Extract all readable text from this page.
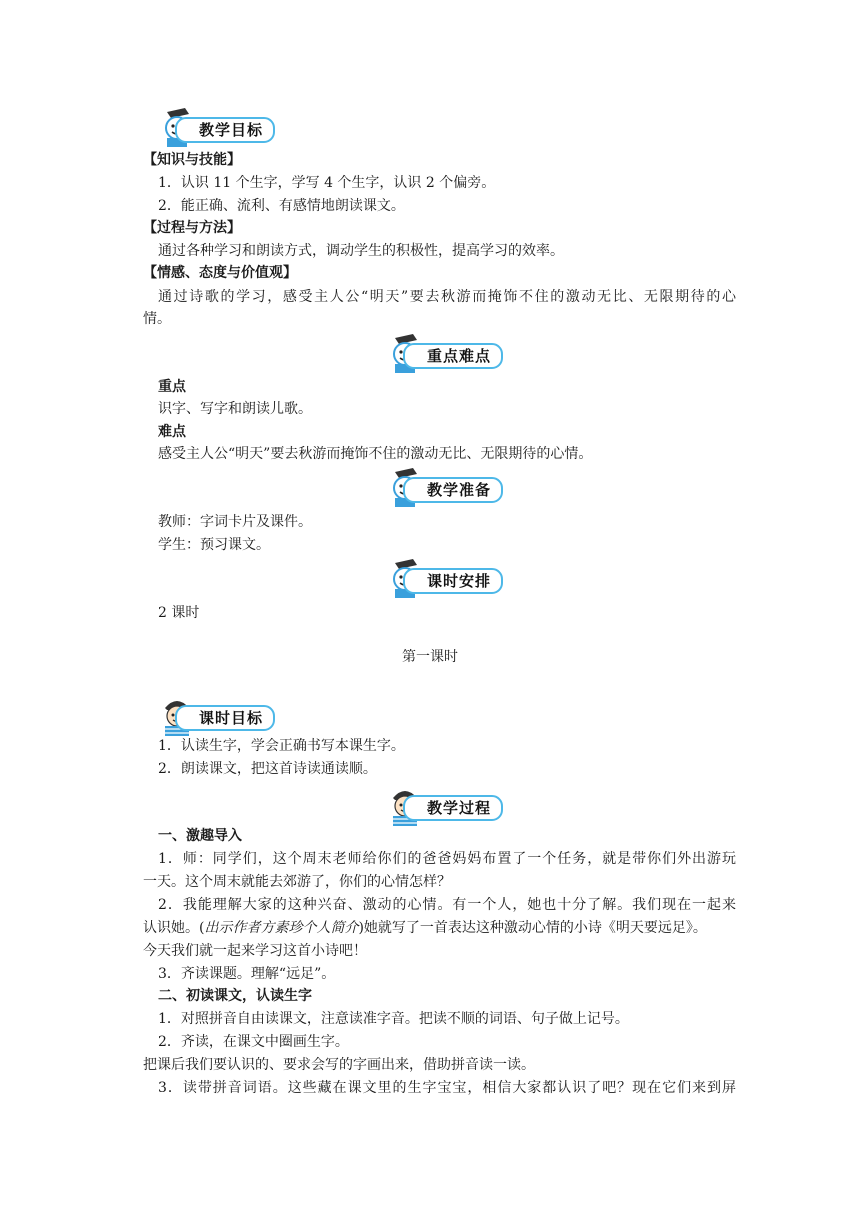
教学目标
【知识与技能】
1．认识 11 个生字，学写 4 个生字，认识 2 个偏旁。
2．能正确、流利、有感情地朗读课文。
【过程与方法】
通过各种学习和朗读方式，调动学生的积极性，提高学习的效率。
【情感、态度与价值观】
通过诗歌的学习，感受主人公“明天”要去秋游而掩饰不住的激动无比、无限期待的心
情。
重点难点
重点
识字、写字和朗读儿歌。
难点
感受主人公“明天”要去秋游而掩饰不住的激动无比、无限期待的心情。
教学准备
教师：字词卡片及课件。
学生：预习课文。
课时安排
2 课时
第一课时
课时目标
1．认读生字，学会正确书写本课生字。
2．朗读课文，把这首诗读通读顺。
教学过程
一、激趣导入
1．师：同学们，这个周末老师给你们的爸爸妈妈布置了一个任务，就是带你们外出游玩
一天。这个周末就能去郊游了，你们的心情怎样？
2．我能理解大家的这种兴奋、激动的心情。有一个人，她也十分了解。我们现在一起来
认识她。(出示作者方素珍个人简介)她就写了一首表达这种激动心情的小诗《明天要远足》。
今天我们就一起来学习这首小诗吧！
3．齐读课题。理解“远足”。
二、初读课文，认读生字
1．对照拼音自由读课文，注意读准字音。把读不顺的词语、句子做上记号。
2．齐读，在课文中圈画生字。
把课后我们要认识的、要求会写的字画出来，借助拼音读一读。
3．读带拼音词语。这些藏在课文里的生字宝宝，相信大家都认识了吧？现在它们来到屏
